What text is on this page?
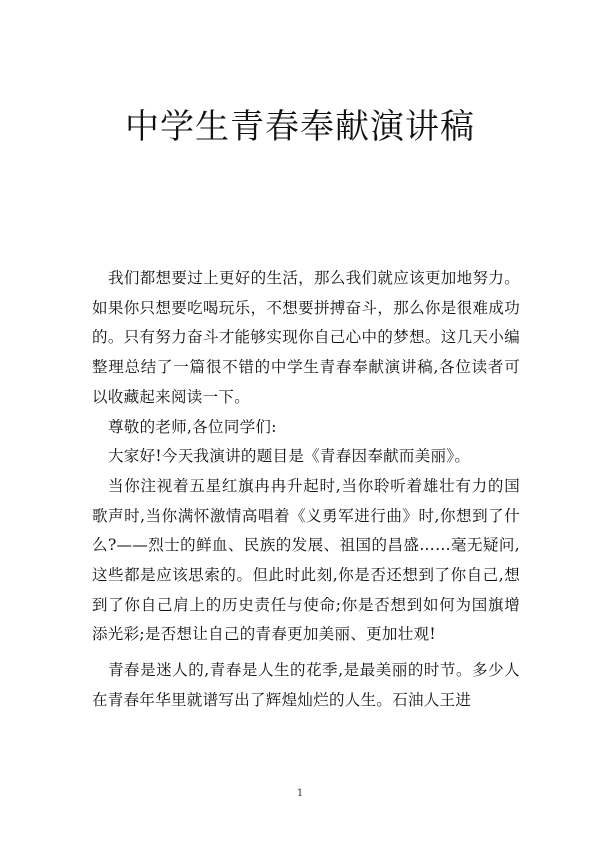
中学生青春奉献演讲稿

我们都想要过上更好的生活，那么我们就应该更加地努力。如果你只想要吃喝玩乐，不想要拼搏奋斗，那么你是很难成功的。只有努力奋斗才能够实现你自己心中的梦想。这几天小编整理总结了一篇很不错的中学生青春奉献演讲稿,各位读者可以收藏起来阅读一下。

尊敬的老师,各位同学们:

大家好!今天我演讲的题目是《青春因奉献而美丽》。

当你注视着五星红旗冉冉升起时,当你聆听着雄壮有力的国歌声时,当你满怀激情高唱着《义勇军进行曲》时,你想到了什么?——烈士的鲜血、民族的发展、祖国的昌盛……毫无疑问,这些都是应该思索的。但此时此刻,你是否还想到了你自己,想到了你自己肩上的历史责任与使命;你是否想到如何为国旗增添光彩;是否想让自己的青春更加美丽、更加壮观!

青春是迷人的,青春是人生的花季,是最美丽的时节。多少人在青春年华里就谱写出了辉煌灿烂的人生。石油人王进

1
